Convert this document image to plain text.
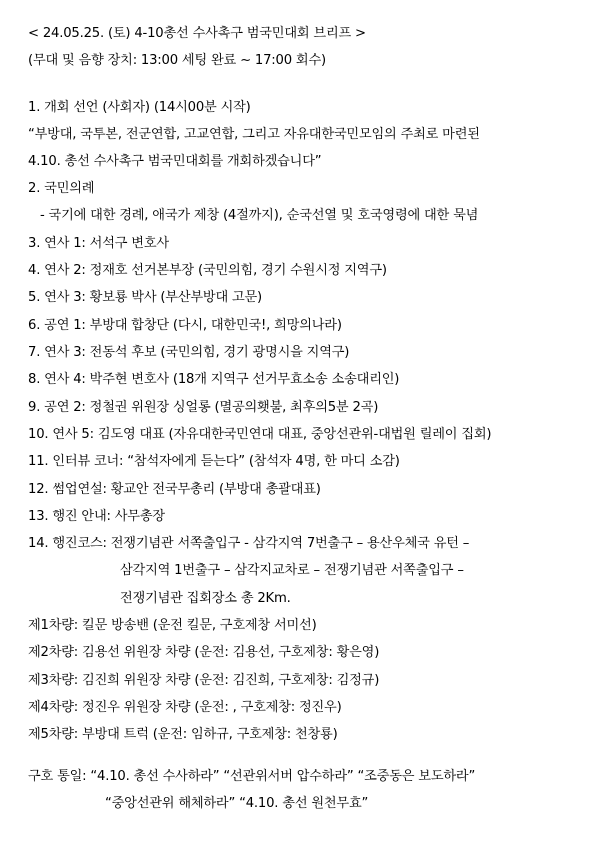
< 24.05.25. (토) 4-10총선 수사촉구 범국민대회 브리프 >
(무대 및 음향 장치: 13:00 세팅 완료 ~ 17:00 회수)
1. 개회 선언 (사회자) (14시00분 시작)
“부방대, 국투본, 전군연합, 고교연합, 그리고 자유대한국민모임의 주최로 마련된
4.10. 총선 수사촉구 범국민대회를 개회하겠습니다”
2. 국민의례
- 국기에 대한 경례, 애국가 제창 (4절까지), 순국선열 및 호국영령에 대한 묵념
3. 연사 1: 서석구 변호사
4. 연사 2: 정재호 선거본부장 (국민의힘, 경기 수원시정 지역구)
5. 연사 3: 황보룡 박사 (부산부방대 고문)
6. 공연 1: 부방대 합창단 (다시, 대한민국!, 희망의나라)
7. 연사 3: 전동석 후보 (국민의힘, 경기 광명시을 지역구)
8. 연사 4: 박주현 변호사 (18개 지역구 선거무효소송 소송대리인)
9. 공연 2: 정철권 위원장 싱얼롱 (멸공의횃불, 최후의5분 2곡)
10. 연사 5: 김도영 대표 (자유대한국민연대 대표, 중앙선관위-대법원 릴레이 집회)
11. 인터뷰 코너: “참석자에게 듣는다” (참석자 4명, 한 마디 소감)
12. 썸업연설: 황교안 전국무총리 (부방대 총괄대표)
13. 행진 안내: 사무총장
14. 행진코스: 전쟁기념관 서쪽출입구 - 삼각지역 7번출구 – 용산우체국 유턴 –
삼각지역 1번출구 – 삼각지교차로 – 전쟁기념관 서쪽출입구 –
전쟁기념관 집회장소 총 2Km.
제1차량: 킬문 방송밴 (운전 킬문, 구호제창 서미선)
제2차량: 김용선 위원장 차량 (운전: 김용선, 구호제창: 황은영)
제3차량: 김진희 위원장 차량 (운전: 김진희, 구호제창: 김정규)
제4차량: 정진우 위원장 차량 (운전: , 구호제창: 정진우)
제5차량: 부방대 트럭 (운전: 임하규, 구호제창: 천창룡)
구호 통일: “4.10. 총선 수사하라” “선관위서버 압수하라” “조중동은 보도하라”
“중앙선관위 해체하라” “4.10. 총선 원천무효”
